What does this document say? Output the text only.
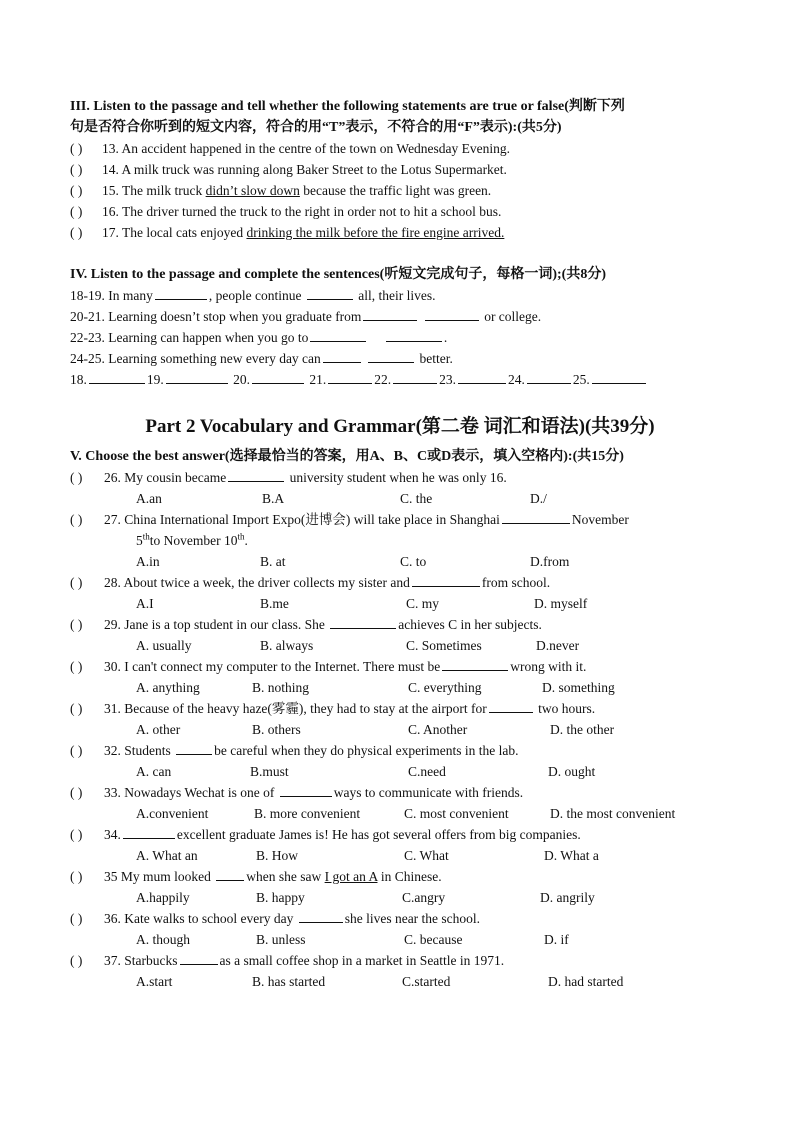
III. Listen to the passage and tell whether the following statements are true or false(判断下列
句是否符合你听到的短文内容，符合的用“T”表示，不符合的用“F”表示):(共5分)
( ) 13. An accident happened in the centre of the town on Wednesday Evening.
( ) 14. A milk truck was running along Baker Street to the Lotus Supermarket.
( ) 15. The milk truck didn’t slow down because the traffic light was green.
( ) 16. The driver turned the truck to the right in order not to hit a school bus.
( ) 17. The local cats enjoyed drinking the milk before the fire engine arrived.
IV. Listen to the passage and complete the sentences(听短文完成句子，每格一词);(共8分)
18-19. In many	, people continue	all, their lives.
20-21. Learning doesn’t stop when you graduate from	or college.
22-23. Learning can happen when you go to	.
24-25. Learning something new every day can	better.
18.	19.	20.	21.	22.	23.	24.	25.
Part 2 Vocabulary and Grammar(第二卷 词汇和语法)(共39分)
V. Choose the best answer(选择最恰当的答案，用A、B、C或D表示，填入空格内):(共15分)
( ) 26. My cousin became	university student when he was only 16.
A.an	B.A	C. the	D./
( ) 27. China International Import Expo(进博会) will take place in Shanghai	November
5thto November 10th.
A.in	B. at	C. to	D.from
( ) 28. About twice a week, the driver collects my sister and	from school.
A.I	B.me	C. my	D. myself
( ) 29. Jane is a top student in our class. She	achieves C in her subjects.
A. usually	B. always	C. Sometimes	D.never
( ) 30. I can't connect my computer to the Internet. There must be	wrong with it.
A. anything	B. nothing	C. everything	D. something
( ) 31. Because of the heavy haze(雾霾), they had to stay at the airport for	two hours.
A. other	B. others	C. Another	D. the other
( ) 32. Students	be careful when they do physical experiments in the lab.
A. can	B.must	C.need	D. ought
( ) 33. Nowadays Wechat is one of	ways to communicate with friends.
A.convenient	B. more convenient	C. most convenient	D. the most convenient
( ) 34.	excellent graduate James is! He has got several offers from big companies.
A. What an	B. How	C. What	D. What a
( ) 35 My mum looked when she saw I got an A in Chinese.
A.happily	B. happy	C.angry	D. angrily
( ) 36. Kate walks to school every day	she lives near the school.
A. though	B. unless	C. because	D. if
( ) 37. Starbucks	as a small coffee shop in a market in Seattle in 1971.
A.start	B. has started	C.started	D. had started
